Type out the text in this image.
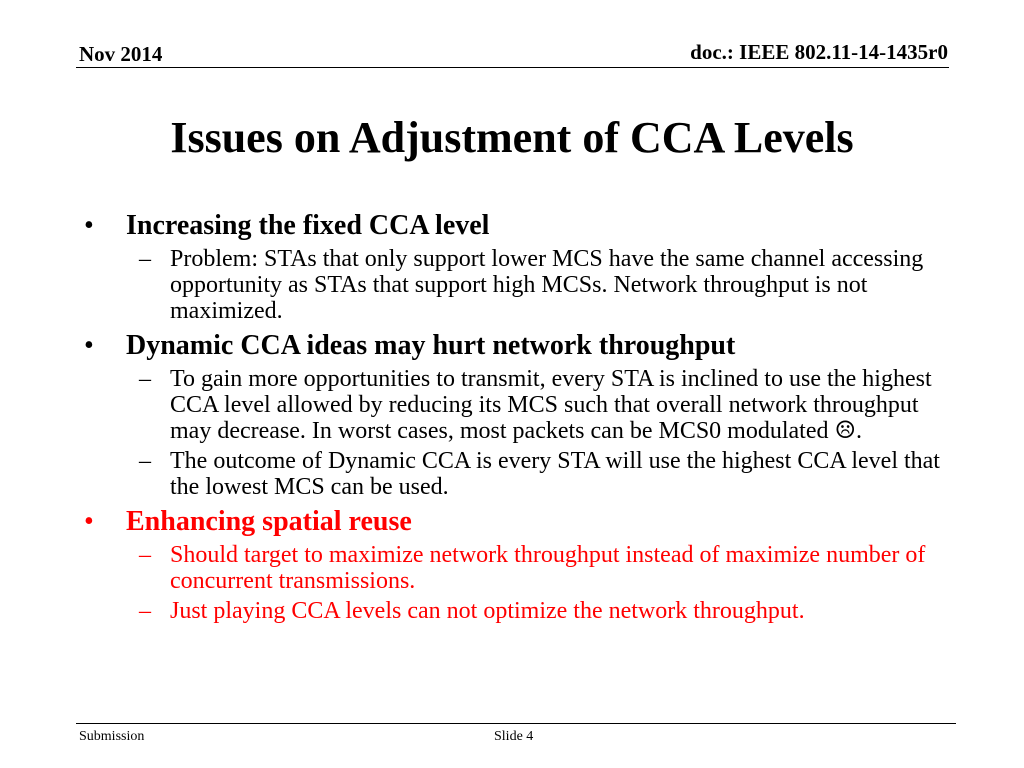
Nov 2014	doc.: IEEE 802.11-14-1435r0
Issues on Adjustment of CCA Levels
• Increasing the fixed CCA level
– Problem: STAs that only support lower MCS have the same channel accessing opportunity as STAs that support high MCSs. Network throughput is not maximized.
• Dynamic CCA ideas may hurt network throughput
– To gain more opportunities to transmit, every STA is inclined to use the highest CCA level allowed by reducing its MCS such that overall network throughput may decrease. In worst cases, most packets can be MCS0 modulated ☹.
– The outcome of Dynamic CCA is every STA will use the highest CCA level that the lowest MCS can be used.
• Enhancing spatial reuse
– Should target to maximize network throughput instead of maximize number of concurrent transmissions.
– Just playing CCA levels can not optimize the network throughput.
Submission	Slide 4
